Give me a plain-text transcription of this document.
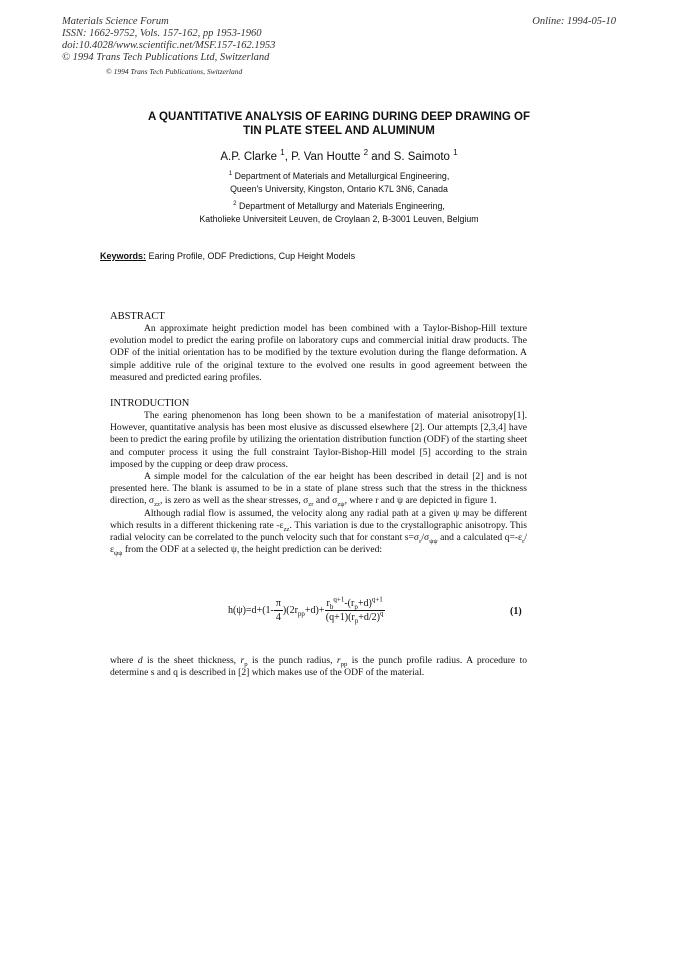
Materials Science Forum
ISSN: 1662-9752, Vols. 157-162, pp 1953-1960
doi:10.4028/www.scientific.net/MSF.157-162.1953
© 1994 Trans Tech Publications Ltd, Switzerland
Online: 1994-05-10
© 1994 Trans Tech Publications, Switzerland
A QUANTITATIVE ANALYSIS OF EARING DURING DEEP DRAWING OF
TIN PLATE STEEL AND ALUMINUM
A.P. Clarke $^1$, P. Van Houtte $^2$ and S. Saimoto $^1$
$^1$ Department of Materials and Metallurgical Engineering,
Queen's University, Kingston, Ontario K7L 3N6, Canada
$^2$ Department of Metallurgy and Materials Engineering,
Katholieke Universiteit Leuven, de Croylaan 2, B-3001 Leuven, Belgium
Keywords: Earing Profile, ODF Predictions, Cup Height Models
ABSTRACT
An approximate height prediction model has been combined with a Taylor-Bishop-Hill texture evolution model to predict the earing profile on laboratory cups and commercial initial draw products. The ODF of the initial orientation has to be modified by the texture evolution during the flange deformation. A simple additive rule of the original texture to the evolved one results in good agreement between the measured and predicted earing profiles.
INTRODUCTION
The earing phenomenon has long been shown to be a manifestation of material anisotropy[1]. However, quantitative analysis has been most elusive as discussed elsewhere [2]. Our attempts [2,3,4] have been to predict the earing profile by utilizing the orientation distribution function (ODF) of the starting sheet and computer process it using the full constraint Taylor-Bishop-Hill model [5] according to the strain imposed by the cupping or deep draw process.
A simple model for the calculation of the ear height has been described in detail [2] and is not presented here. The blank is assumed to be in a state of plane stress such that the stress in the thickness direction, $\sigma_{zz}$, is zero as well as the shear stresses, $\sigma_{zr}$ and $\sigma_{z\psi}$, where r and ψ are depicted in figure 1.
Although radial flow is assumed, the velocity along any radial path at a given ψ may be different which results in a different thickening rate $-\varepsilon_{zz}$. This variation is due to the crystallographic anisotropy. This radial velocity can be correlated to the punch velocity such that for constant $s=\sigma_r/\sigma_{\psi\psi}$ and a calculated $q=-\varepsilon_r/\varepsilon_{\psi\psi}$ from the ODF at a selected ψ, the height prediction can be derived:
$h(\psi)=d+(1- \frac{\pi}{4} )(2r_{pp}+d)+ \frac{r_b^{q+1}-(r_p+d)^{q+1}}{(q+1)(r_p+d/2)^q}$	(1)
where d is the sheet thickness, $r_p$ is the punch radius, $r_{pp}$ is the punch profile radius. A procedure to determine s and q is described in [2] which makes use of the ODF of the material.
